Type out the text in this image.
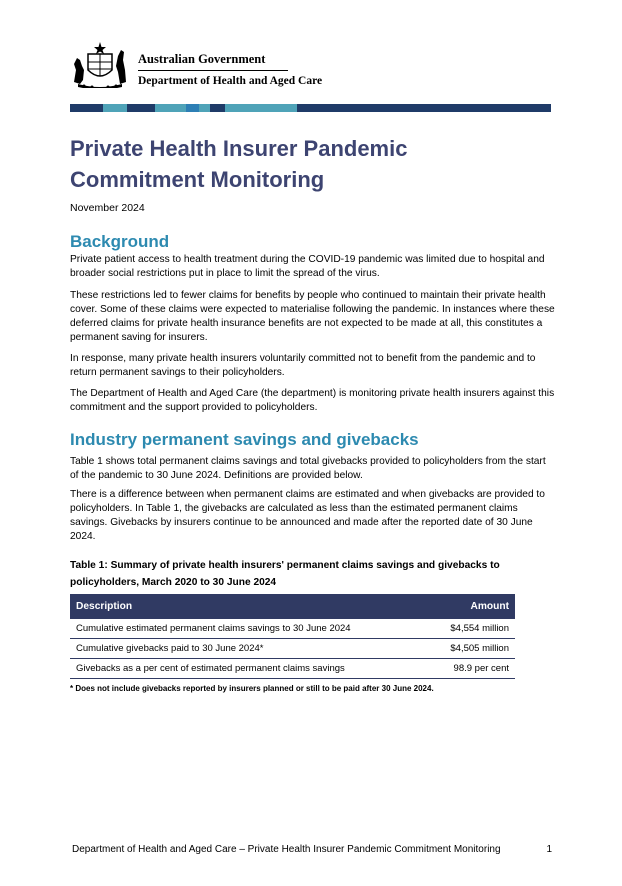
Australian Government
Department of Health and Aged Care
Private Health Insurer Pandemic
Commitment Monitoring
November 2024
Background

Private patient access to health treatment during the COVID-19 pandemic was limited due to hospital and broader social restrictions put in place to limit the spread of the virus.

These restrictions led to fewer claims for benefits by people who continued to maintain their private health cover. Some of these claims were expected to materialise following the pandemic. In instances where these deferred claims for private health insurance benefits are not expected to be made at all, this constitutes a permanent saving for insurers.

In response, many private health insurers voluntarily committed not to benefit from the pandemic and to return permanent savings to their policyholders.

The Department of Health and Aged Care (the department) is monitoring private health insurers against this commitment and the support provided to policyholders.

Industry permanent savings and givebacks

Table 1 shows total permanent claims savings and total givebacks provided to policyholders from the start of the pandemic to 30 June 2024. Definitions are provided below.

There is a difference between when permanent claims are estimated and when givebacks are provided to policyholders. In Table 1, the givebacks are calculated as less than the estimated permanent claims savings. Givebacks by insurers continue to be announced and made after the reported date of 30 June 2024.

Table 1: Summary of private health insurers' permanent claims savings and givebacks to policyholders, March 2020 to 30 June 2024

Description	Amount
Cumulative estimated permanent claims savings to 30 June 2024	$4,554 million
Cumulative givebacks paid to 30 June 2024*	$4,505 million
Givebacks as a per cent of estimated permanent claims savings	98.9 per cent
* Does not include givebacks reported by insurers planned or still to be paid after 30 June 2024.
Department of Health and Aged Care – Private Health Insurer Pandemic Commitment Monitoring	1
